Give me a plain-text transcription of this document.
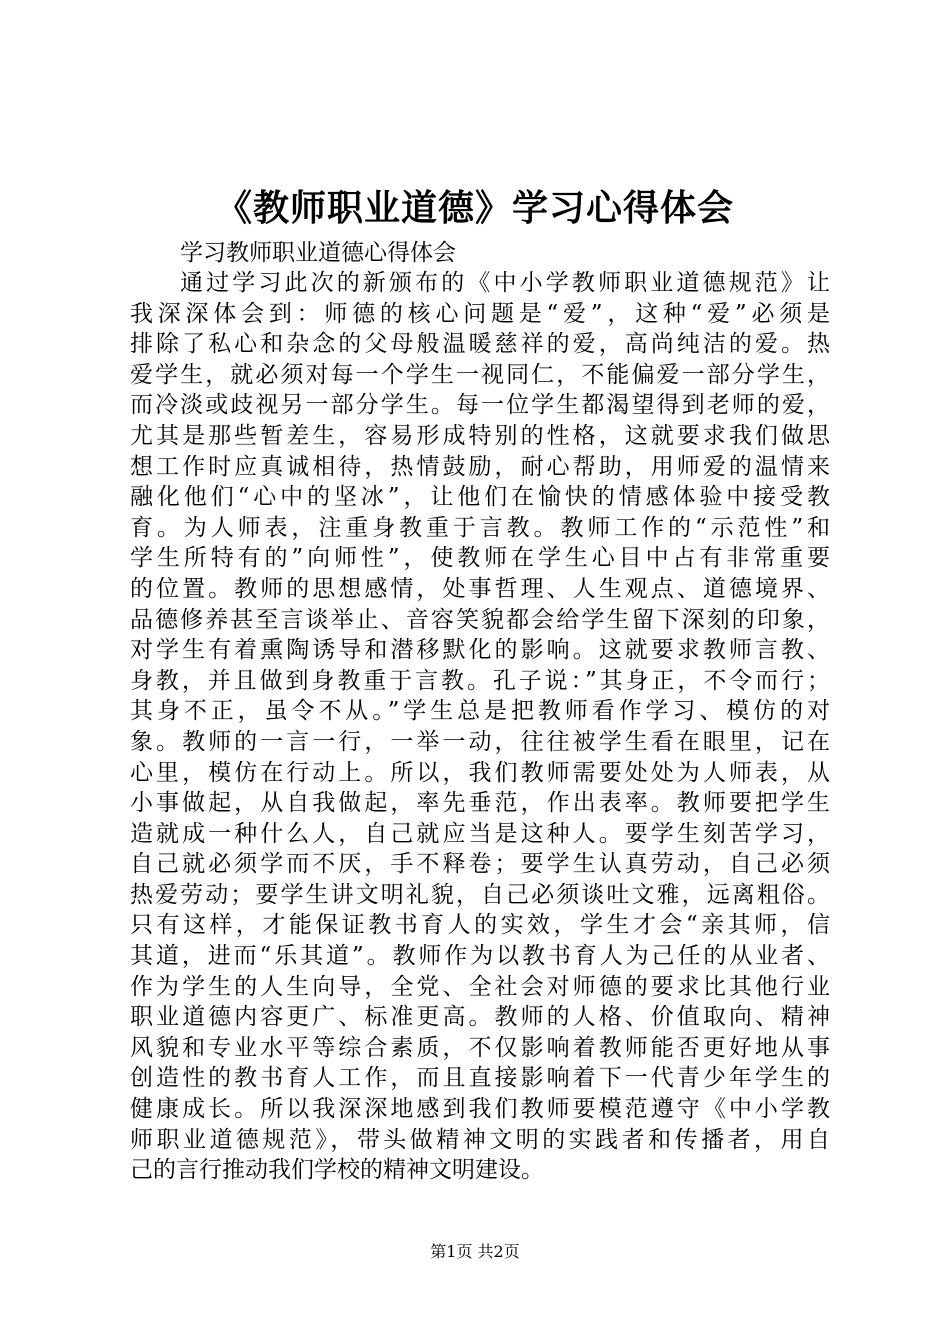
《教师职业道德》学习心得体会
学习教师职业道德心得体会
通过学习此次的新颁布的《中小学教师职业道德规范》让
我深深体会到：师德的核心问题是“爱”，这种“爱”必须是
排除了私心和杂念的父母般温暖慈祥的爱，高尚纯洁的爱。热
爱学生，就必须对每一个学生一视同仁，不能偏爱一部分学生，
而冷淡或歧视另一部分学生。每一位学生都渴望得到老师的爱，
尤其是那些暂差生，容易形成特别的性格，这就要求我们做思
想工作时应真诚相待，热情鼓励，耐心帮助，用师爱的温情来
融化他们“心中的坚冰”，让他们在愉快的情感体验中接受教
育。为人师表，注重身教重于言教。教师工作的“示范性”和
学生所特有的”向师性”，使教师在学生心目中占有非常重要
的位置。教师的思想感情，处事哲理、人生观点、道德境界、
品德修养甚至言谈举止、音容笑貌都会给学生留下深刻的印象，
对学生有着熏陶诱导和潜移默化的影响。这就要求教师言教、
身教，并且做到身教重于言教。孔子说：”其身正，不令而行；
其身不正，虽令不从。”学生总是把教师看作学习、模仿的对
象。教师的一言一行，一举一动，往往被学生看在眼里，记在
心里，模仿在行动上。所以，我们教师需要处处为人师表，从
小事做起，从自我做起，率先垂范，作出表率。教师要把学生
造就成一种什么人，自己就应当是这种人。要学生刻苦学习，
自己就必须学而不厌，手不释卷；要学生认真劳动，自己必须
热爱劳动；要学生讲文明礼貌，自己必须谈吐文雅，远离粗俗。
只有这样，才能保证教书育人的实效，学生才会“亲其师，信
其道，进而“乐其道”。教师作为以教书育人为己任的从业者、
作为学生的人生向导，全党、全社会对师德的要求比其他行业
职业道德内容更广、标准更高。教师的人格、价值取向、精神
风貌和专业水平等综合素质，不仅影响着教师能否更好地从事
创造性的教书育人工作，而且直接影响着下一代青少年学生的
健康成长。所以我深深地感到我们教师要模范遵守《中小学教
师职业道德规范》，带头做精神文明的实践者和传播者，用自
己的言行推动我们学校的精神文明建设。
第1页 共2页
